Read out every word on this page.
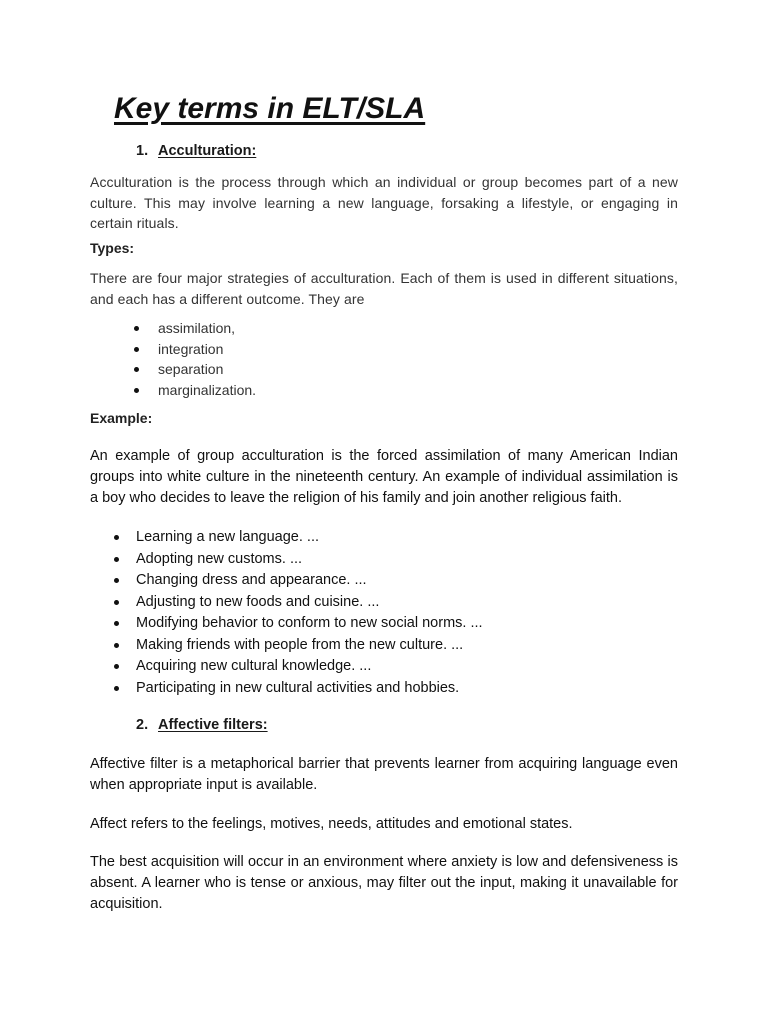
Key terms in ELT/SLA
1. Acculturation:

Acculturation is the process through which an individual or group becomes part of a new culture. This may involve learning a new language, forsaking a lifestyle, or engaging in certain rituals.

Types:

There are four major strategies of acculturation. Each of them is used in different situations, and each has a different outcome. They are

assimilation,
integration
separation
marginalization.

Example:

An example of group acculturation is the forced assimilation of many American Indian groups into white culture in the nineteenth century. An example of individual assimilation is a boy who decides to leave the religion of his family and join another religious faith.

Learning a new language. ...
Adopting new customs. ...
Changing dress and appearance. ...
Adjusting to new foods and cuisine. ...
Modifying behavior to conform to new social norms. ...
Making friends with people from the new culture. ...
Acquiring new cultural knowledge. ...
Participating in new cultural activities and hobbies.
2. Affective filters:

Affective filter is a metaphorical barrier that prevents learner from acquiring language even when appropriate input is available.

Affect refers to the feelings, motives, needs, attitudes and emotional states.

The best acquisition will occur in an environment where anxiety is low and defensiveness is absent. A learner who is tense or anxious, may filter out the input, making it unavailable for acquisition.
